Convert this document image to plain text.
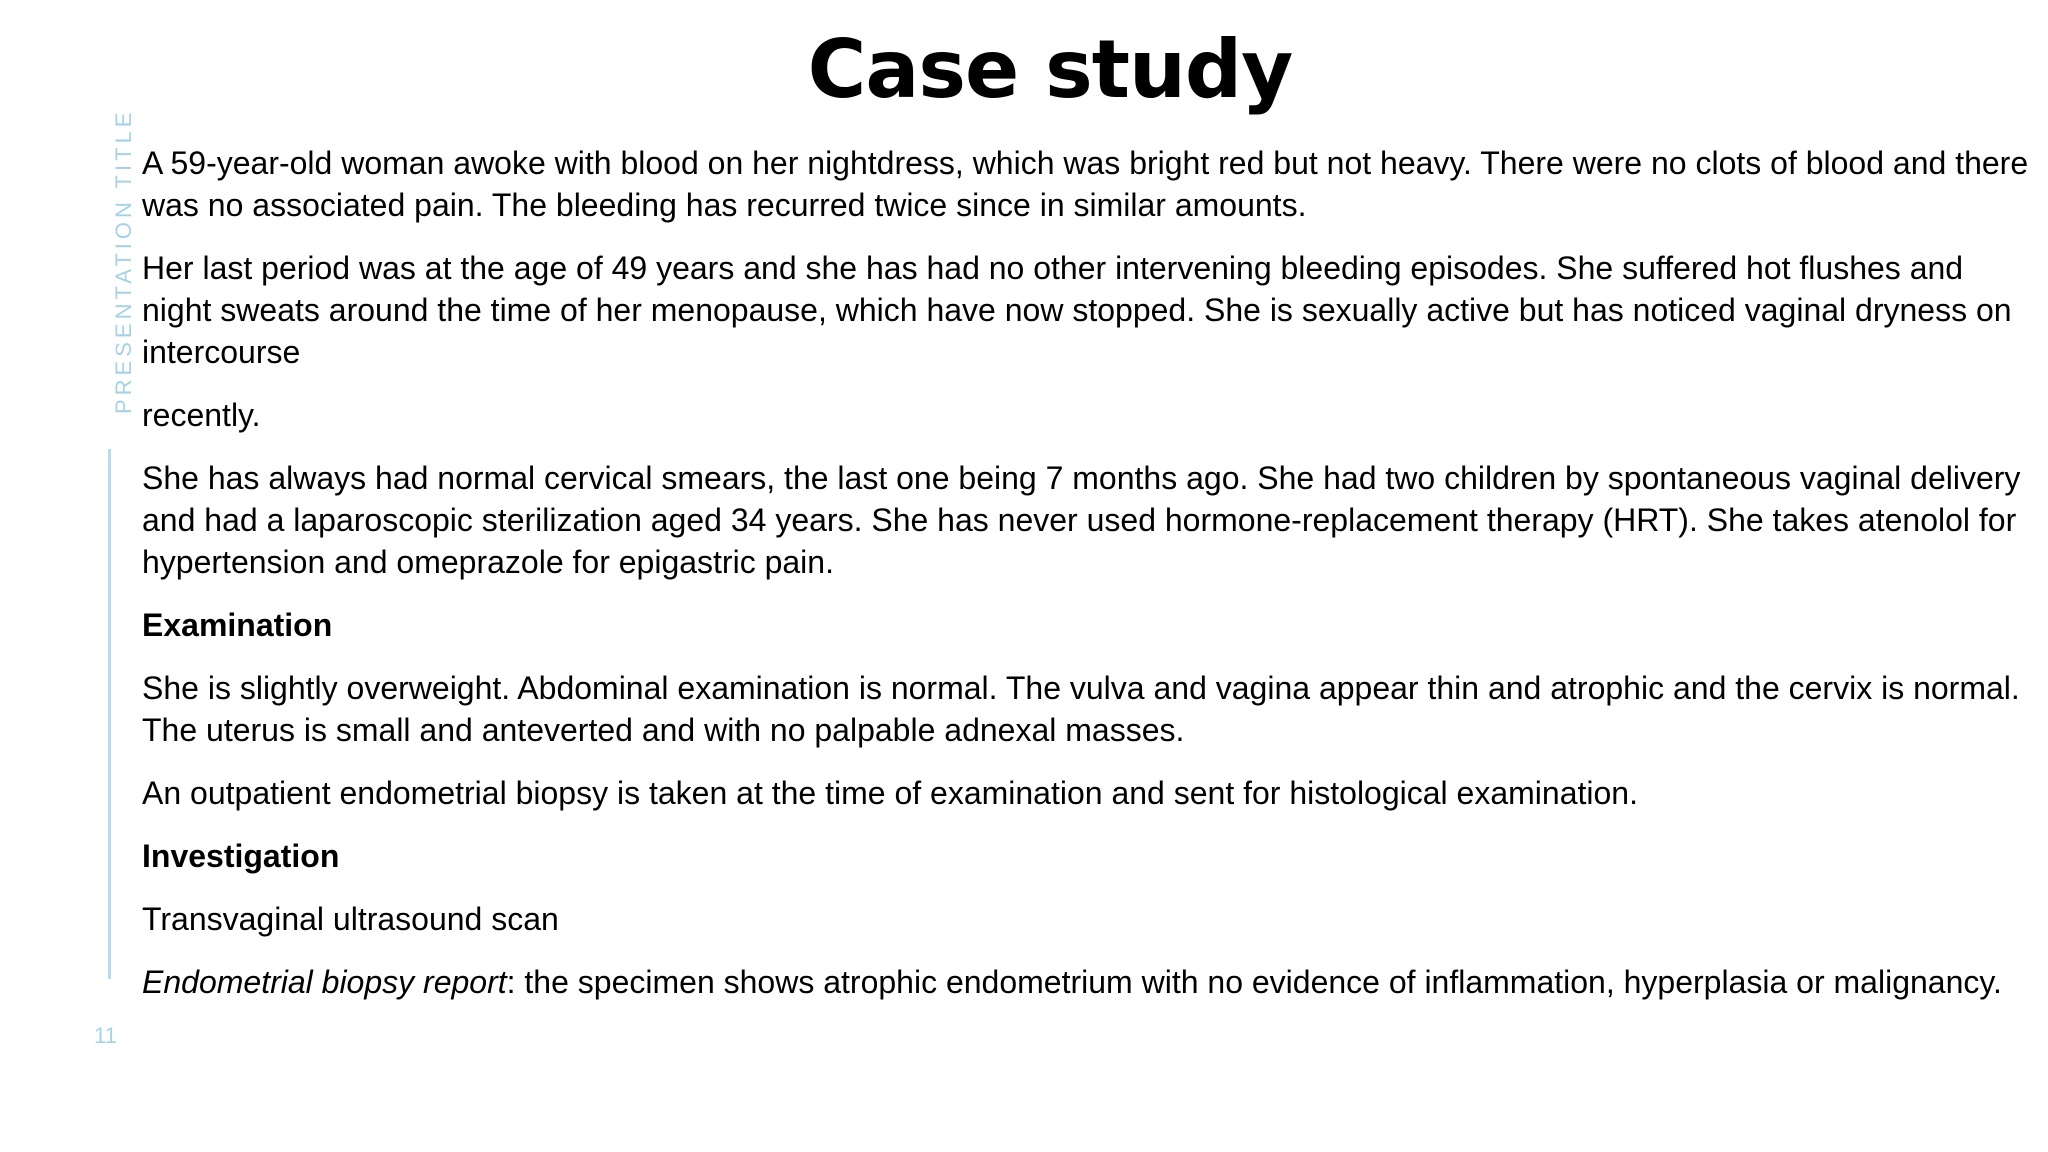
PRESENTATION TITLE
11
Case study

A 59-year-old woman awoke with blood on her nightdress, which was bright red but not heavy. There were no clots of blood and there was no associated pain. The bleeding has recurred twice since in similar amounts.

Her last period was at the age of 49 years and she has had no other intervening bleeding episodes. She suffered hot flushes and night sweats around the time of her menopause, which have now stopped. She is sexually active but has noticed vaginal dryness on intercourse

recently.

She has always had normal cervical smears, the last one being 7 months ago. She had two children by spontaneous vaginal delivery and had a laparoscopic sterilization aged 34 years. She has never used hormone-replacement therapy (HRT). She takes atenolol for hypertension and omeprazole for epigastric pain.

Examination

She is slightly overweight. Abdominal examination is normal. The vulva and vagina appear thin and atrophic and the cervix is normal. The uterus is small and anteverted and with no palpable adnexal masses.

An outpatient endometrial biopsy is taken at the time of examination and sent for histological examination.

Investigation

Transvaginal ultrasound scan

Endometrial biopsy report: the specimen shows atrophic endometrium with no evidence of inflammation, hyperplasia or malignancy.
